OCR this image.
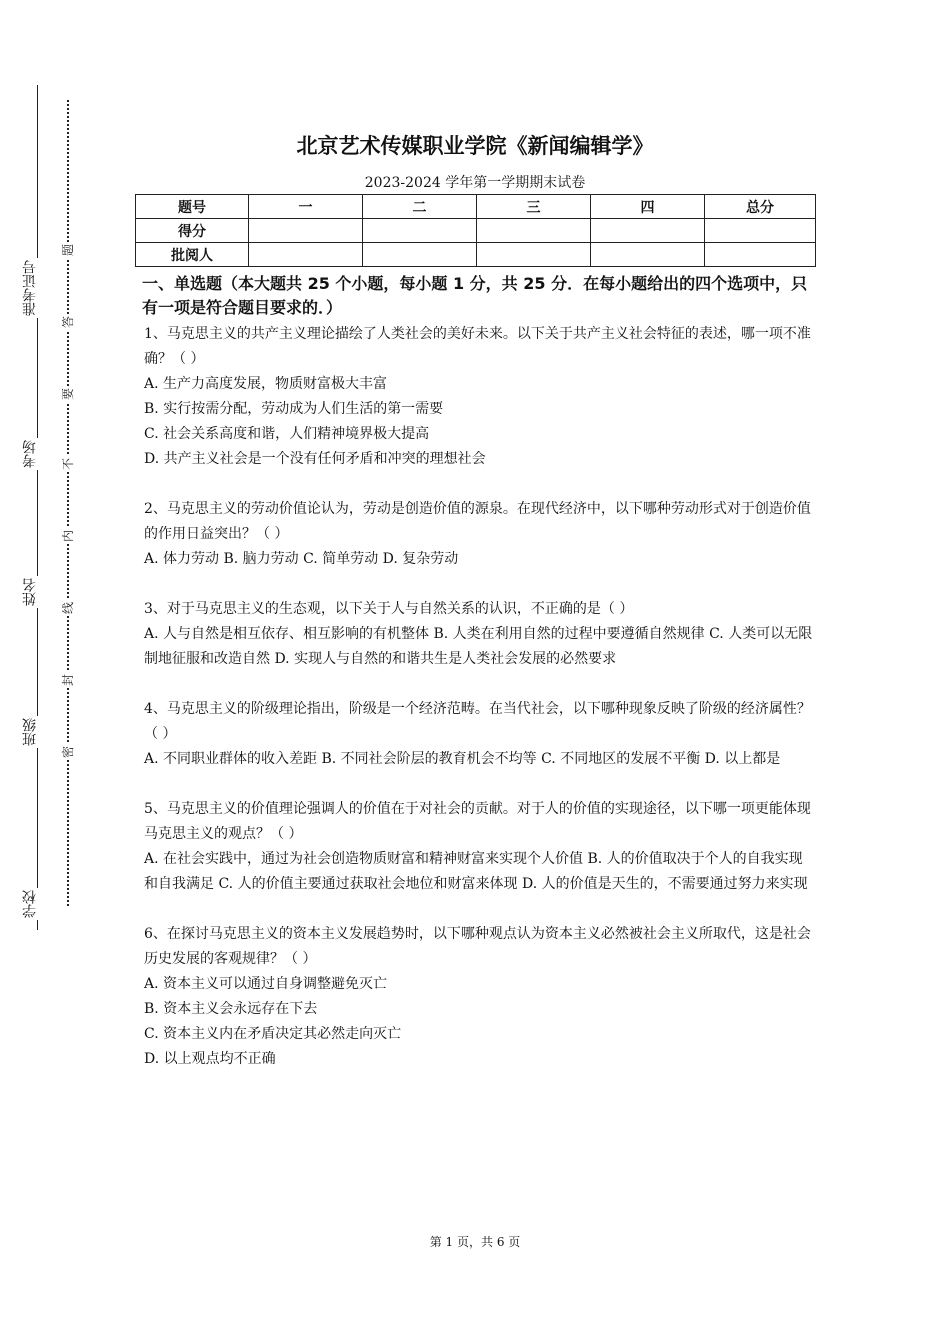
准考证号
考场
姓名
班级
学校
题
答
要
不
内
线
封
密
北京艺术传媒职业学院《新闻编辑学》
2023-2024 学年第一学期期末试卷
题号	一	二	三	四	总分
得分					
批阅人					
一、单选题（本大题共 25 个小题，每小题 1 分，共 25 分．在每小题给出的四个选项中，只有一项是符合题目要求的．）

1、马克思主义的共产主义理论描绘了人类社会的美好未来。以下关于共产主义社会特征的表述，哪一项不准确？（ ）

A. 生产力高度发展，物质财富极大丰富

B. 实行按需分配，劳动成为人们生活的第一需要

C. 社会关系高度和谐，人们精神境界极大提高

D. 共产主义社会是一个没有任何矛盾和冲突的理想社会

2、马克思主义的劳动价值论认为，劳动是创造价值的源泉。在现代经济中，以下哪种劳动形式对于创造价值的作用日益突出？（ ）

A. 体力劳动 B. 脑力劳动 C. 简单劳动 D. 复杂劳动

3、对于马克思主义的生态观，以下关于人与自然关系的认识，不正确的是（ ）

A. 人与自然是相互依存、相互影响的有机整体 B. 人类在利用自然的过程中要遵循自然规律 C. 人类可以无限制地征服和改造自然 D. 实现人与自然的和谐共生是人类社会发展的必然要求

4、马克思主义的阶级理论指出，阶级是一个经济范畴。在当代社会，以下哪种现象反映了阶级的经济属性？（ ）

A. 不同职业群体的收入差距 B. 不同社会阶层的教育机会不均等 C. 不同地区的发展不平衡 D. 以上都是

5、马克思主义的价值理论强调人的价值在于对社会的贡献。对于人的价值的实现途径，以下哪一项更能体现马克思主义的观点？（ ）

A. 在社会实践中，通过为社会创造物质财富和精神财富来实现个人价值 B. 人的价值取决于个人的自我实现和自我满足 C. 人的价值主要通过获取社会地位和财富来体现 D. 人的价值是天生的，不需要通过努力来实现

6、在探讨马克思主义的资本主义发展趋势时，以下哪种观点认为资本主义必然被社会主义所取代，这是社会历史发展的客观规律？（ ）

A. 资本主义可以通过自身调整避免灭亡

B. 资本主义会永远存在下去

C. 资本主义内在矛盾决定其必然走向灭亡

D. 以上观点均不正确

第 1 页，共 6 页
